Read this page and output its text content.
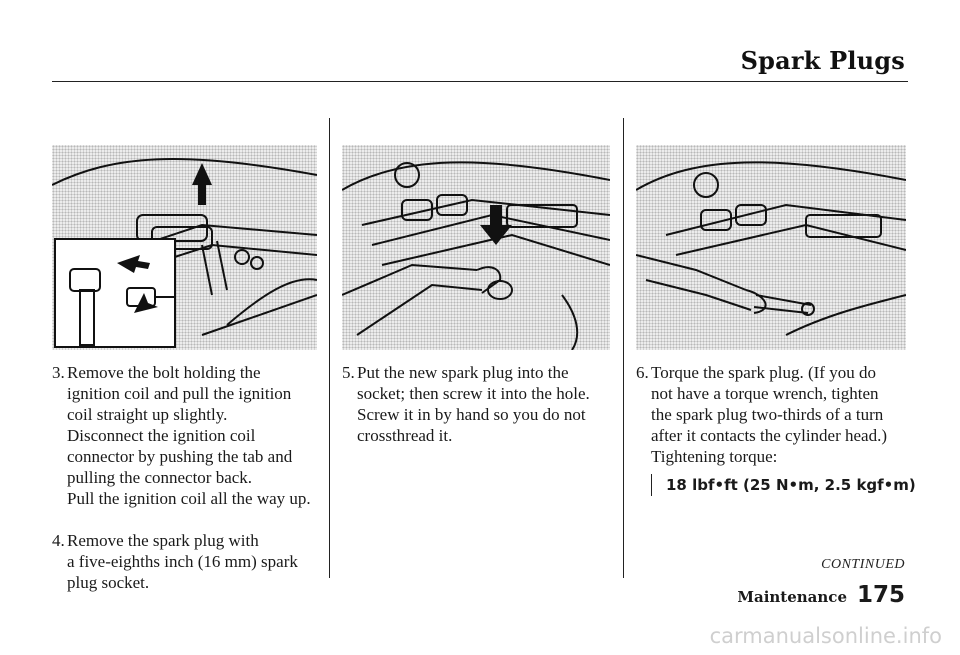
Spark Plugs
3. Remove the bolt holding the
ignition coil and pull the ignition
coil straight up slightly.
Disconnect the ignition coil
connector by pushing the tab and
pulling the connector back.
Pull the ignition coil all the way up.
4. Remove the spark plug with
a five-eighths inch (16 mm) spark
plug socket.
5. Put the new spark plug into the
socket; then screw it into the hole.
Screw it in by hand so you do not
crossthread it.
6. Torque the spark plug. (If you do
not have a torque wrench, tighten
the spark plug two-thirds of a turn
after it contacts the cylinder head.)
Tightening torque:
18 lbf•ft (25 N•m, 2.5 kgf•m)
CONTINUED
Maintenance 175
carmanualsonline.info
